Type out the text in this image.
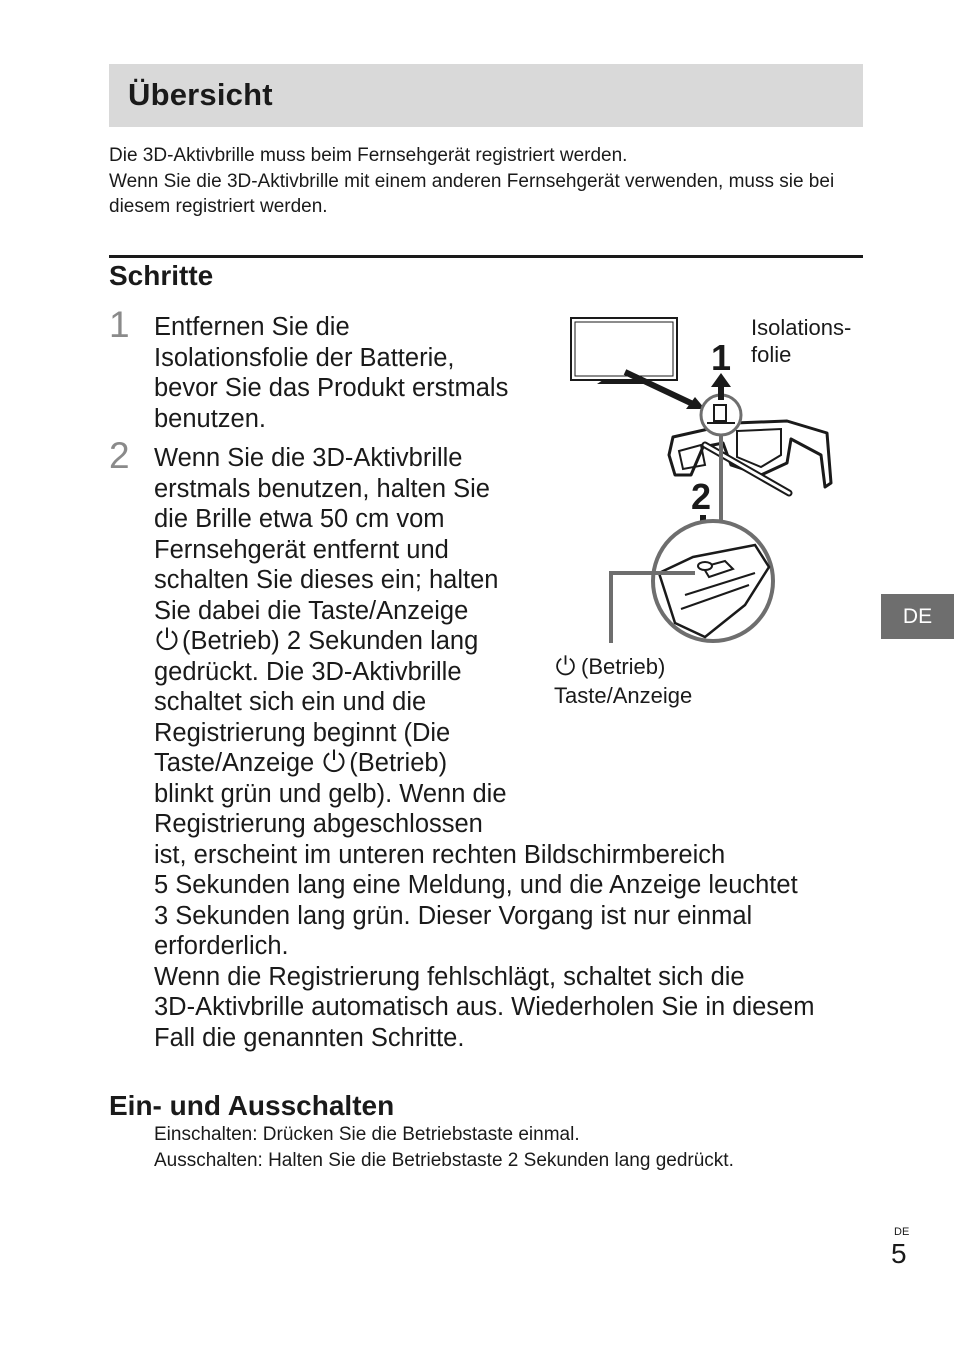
Übersicht

Die 3D-Aktivbrille muss beim Fernsehgerät registriert werden.

Wenn Sie die 3D-Aktivbrille mit einem anderen Fernsehgerät verwenden, muss sie bei diesem registriert werden.

Schritte
1 Entfernen Sie die
Isolationsfolie der Batterie,
bevor Sie das Produkt erstmals
benutzen.
2 Wenn Sie die 3D-Aktivbrille
erstmals benutzen, halten Sie
die Brille etwa 50 cm vom
Fernsehgerät entfernt und
schalten Sie dieses ein; halten
Sie dabei die Taste/Anzeige
(Betrieb) 2 Sekunden lang
gedrückt. Die 3D-Aktivbrille
schaltet sich ein und die
Registrierung beginnt (Die
Taste/Anzeige (Betrieb)
blinkt grün und gelb). Wenn die
Registrierung abgeschlossen
ist, erscheint im unteren rechten Bildschirmbereich
5 Sekunden lang eine Meldung, und die Anzeige leuchtet
3 Sekunden lang grün. Dieser Vorgang ist nur einmal
erforderlich.
Wenn die Registrierung fehlschlägt, schaltet sich die
3D-Aktivbrille automatisch aus. Wiederholen Sie in diesem
Fall die genannten Schritte.
1
2
Isolations-
folie
(Betrieb)
Taste/Anzeige
DE
Ein- und Ausschalten

Einschalten: Drücken Sie die Betriebstaste einmal.

Ausschalten: Halten Sie die Betriebstaste 2 Sekunden lang gedrückt.

DE
5
